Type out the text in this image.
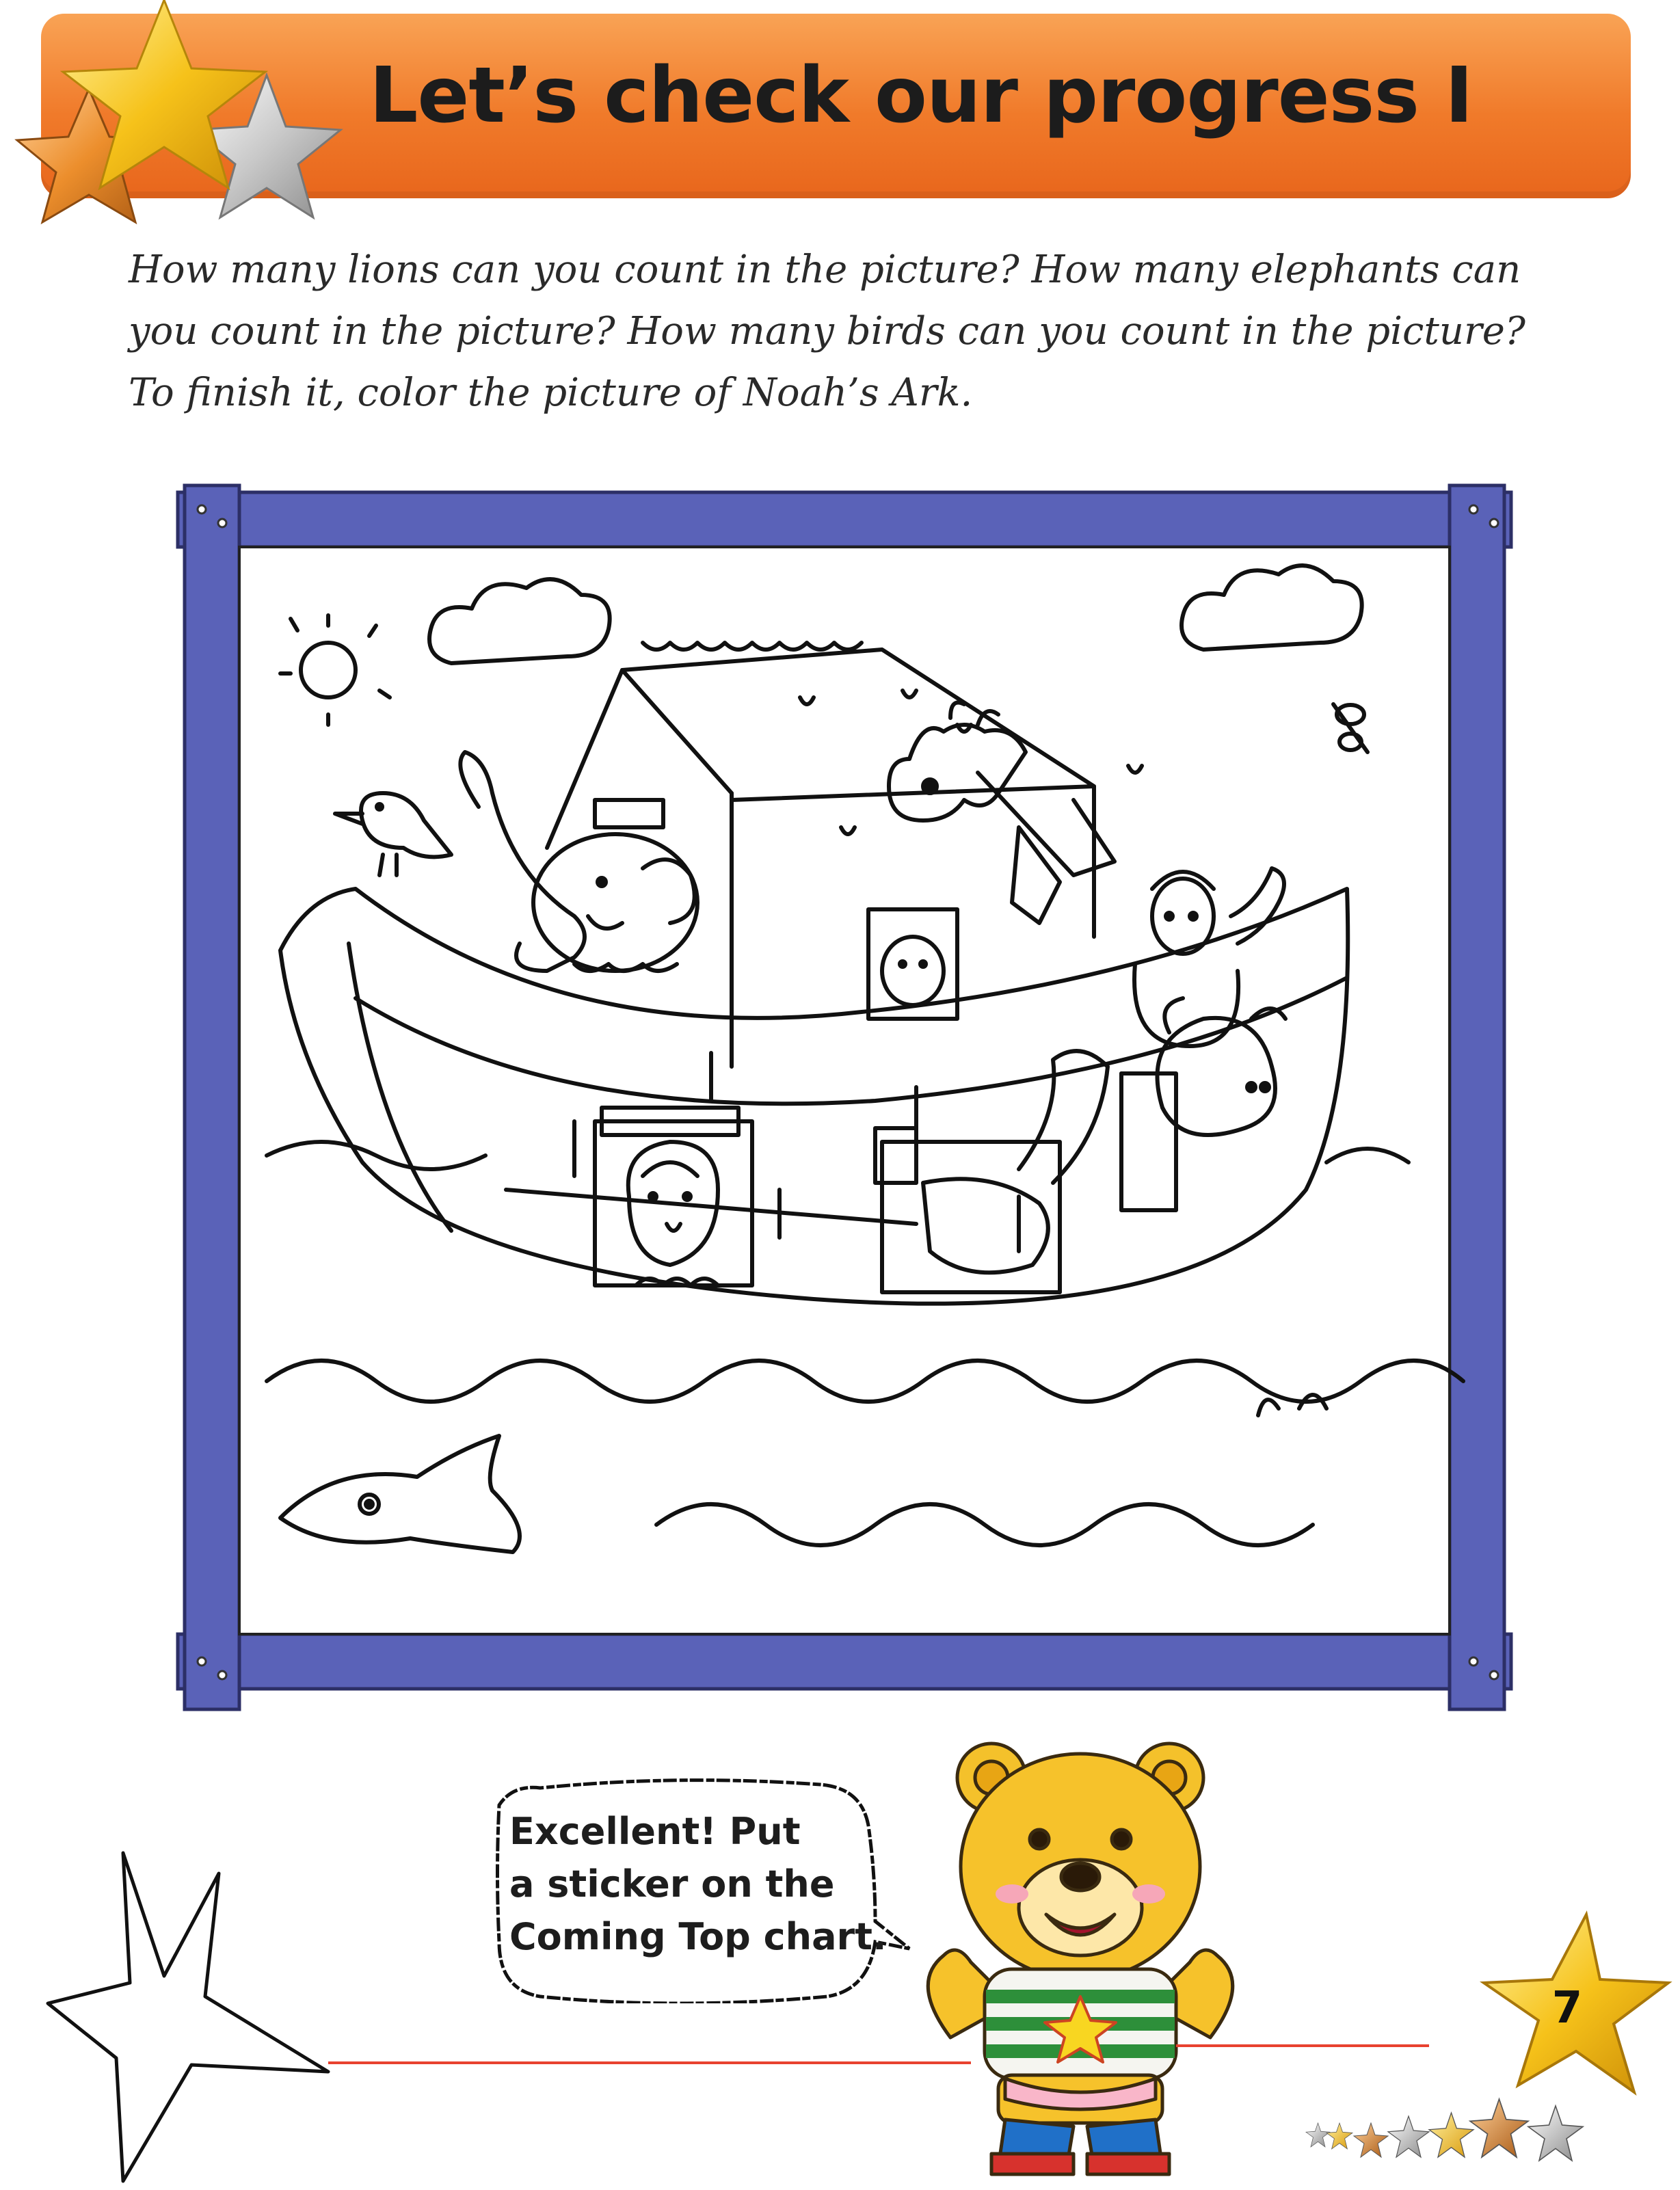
Let’s check our progress I
How many lions can you count in the picture? How many elephants can you count in the picture? How many birds can you count in the picture? To finish it, color the picture of Noah’s Ark.
Excellent! Put
a sticker on the
Coming Top chart.
7
